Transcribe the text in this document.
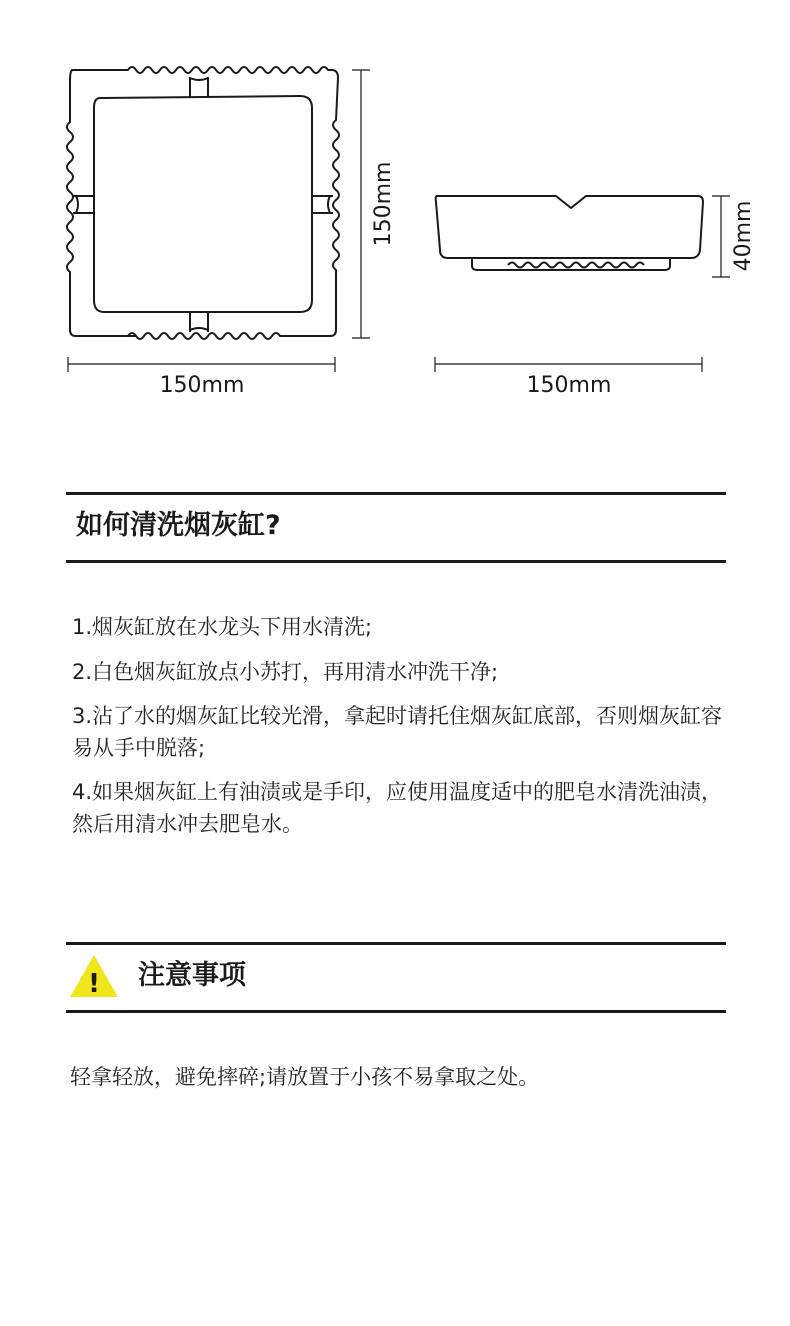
150mm
150mm
40mm
150mm
如何清洗烟灰缸?
1.烟灰缸放在水龙头下用水清洗;
2.白色烟灰缸放点小苏打，再用清水冲洗干净;
3.沾了水的烟灰缸比较光滑，拿起时请托住烟灰缸底部，否则烟灰缸容易从手中脱落;
4.如果烟灰缸上有油渍或是手印，应使用温度适中的肥皂水清洗油渍，然后用清水冲去肥皂水。
! 注意事项

轻拿轻放，避免摔碎;请放置于小孩不易拿取之处。
